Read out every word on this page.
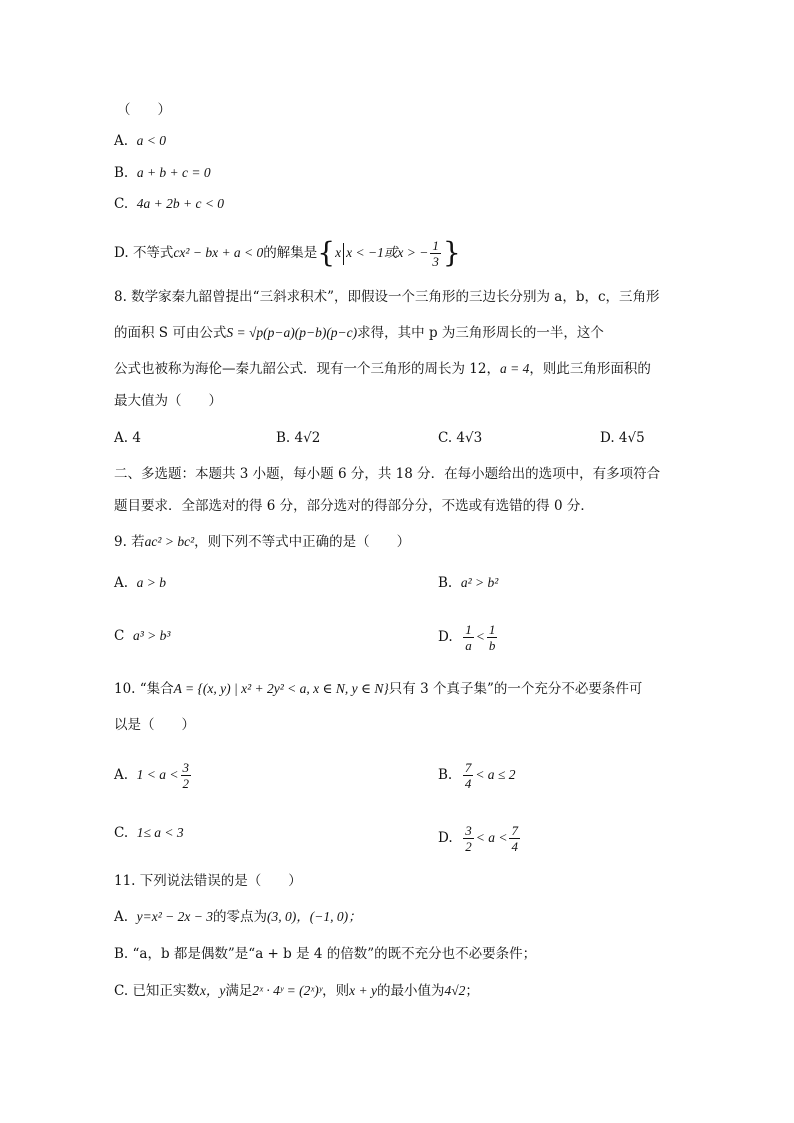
（　　）
A. a < 0
B. a + b + c = 0
C. 4a + 2b + c < 0
D. 不等式cx² − bx + a < 0的解集是{x x < −1或x > − $\frac{1}{3}$ }
8. 数学家秦九韶曾提出“三斜求积术”，即假设一个三角形的三边长分别为 a，b，c，三角形
的面积 S 可由公式S = √p(p−a)(p−b)(p−c)求得，其中 p 为三角形周长的一半，这个
公式也被称为海伦—秦九韶公式．现有一个三角形的周长为 12，a = 4，则此三角形面积的
最大值为（　　）
A. 4	B. 4√2	C. 4√3	D. 4√5
二、多选题：本题共 3 小题，每小题 6 分，共 18 分．在每小题给出的选项中，有多项符合
题目要求．全部选对的得 6 分，部分选对的得部分分，不选或有选错的得 0 分．
9. 若ac² > bc²，则下列不等式中正确的是（　　）
A. a > b	B. a² > b²
C a³ > b³	D. $\frac{1}{a} < \frac{1}{b}$
10. “集合A = {(x, y) | x² + 2y² < a, x ∈ N, y ∈ N}只有 3 个真子集”的一个充分不必要条件可
以是（　　）
A. $1 < a < \frac{3}{2}$	B. $\frac{7}{4} < a \le 2$
C. 1≤ a < 3	D. $\frac{3}{2} < a < \frac{7}{4}$
11. 下列说法错误的是（　　）
A. y=x² − 2x − 3的零点为(3, 0)，(−1, 0)；
B. “a，b 都是偶数”是“a + b 是 4 的倍数”的既不充分也不必要条件；
C. 已知正实数x，y满足2ˣ · 4ʸ = (2ˣ)ʸ，则x + y的最小值为4√2；
